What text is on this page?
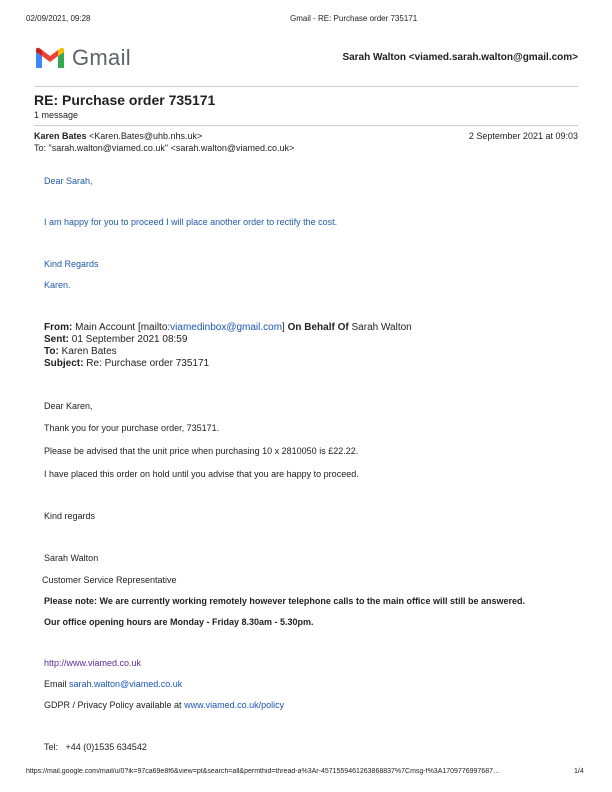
02/09/2021, 09:28	Gmail - RE: Purchase order 735171
Gmail	Sarah Walton <viamed.sarah.walton@gmail.com>
RE: Purchase order 735171
1 message
Karen Bates <Karen.Bates@uhb.nhs.uk>	2 September 2021 at 09:03
To: "sarah.walton@viamed.co.uk" <sarah.walton@viamed.co.uk>
Dear Sarah,
I am happy for you to proceed I will place another order to rectify the cost.
Kind Regards
Karen.
From: Main Account [mailto:viamedinbox@gmail.com] On Behalf Of Sarah Walton
Sent: 01 September 2021 08:59
To: Karen Bates
Subject: Re: Purchase order 735171
Dear Karen,
Thank you for your purchase order, 735171.
Please be advised that the unit price when purchasing 10 x 2810050 is £22.22.
I have placed this order on hold until you advise that you are happy to proceed.
Kind regards
Sarah Walton
Customer Service Representative
Please note: We are currently working remotely however telephone calls to the main office will still be answered.
Our office opening hours are Monday - Friday 8.30am - 5.30pm.
http://www.viamed.co.uk
Email sarah.walton@viamed.co.uk
GDPR / Privacy Policy available at www.viamed.co.uk/policy
Tel:   +44 (0)1535 634542
https://mail.google.com/mail/u/0?ik=97ca69e8f6&view=pt&search=all&permthid=thread-a%3Ar-4571559461263868837%7Cmsg-f%3A1709776997687…	1/4
